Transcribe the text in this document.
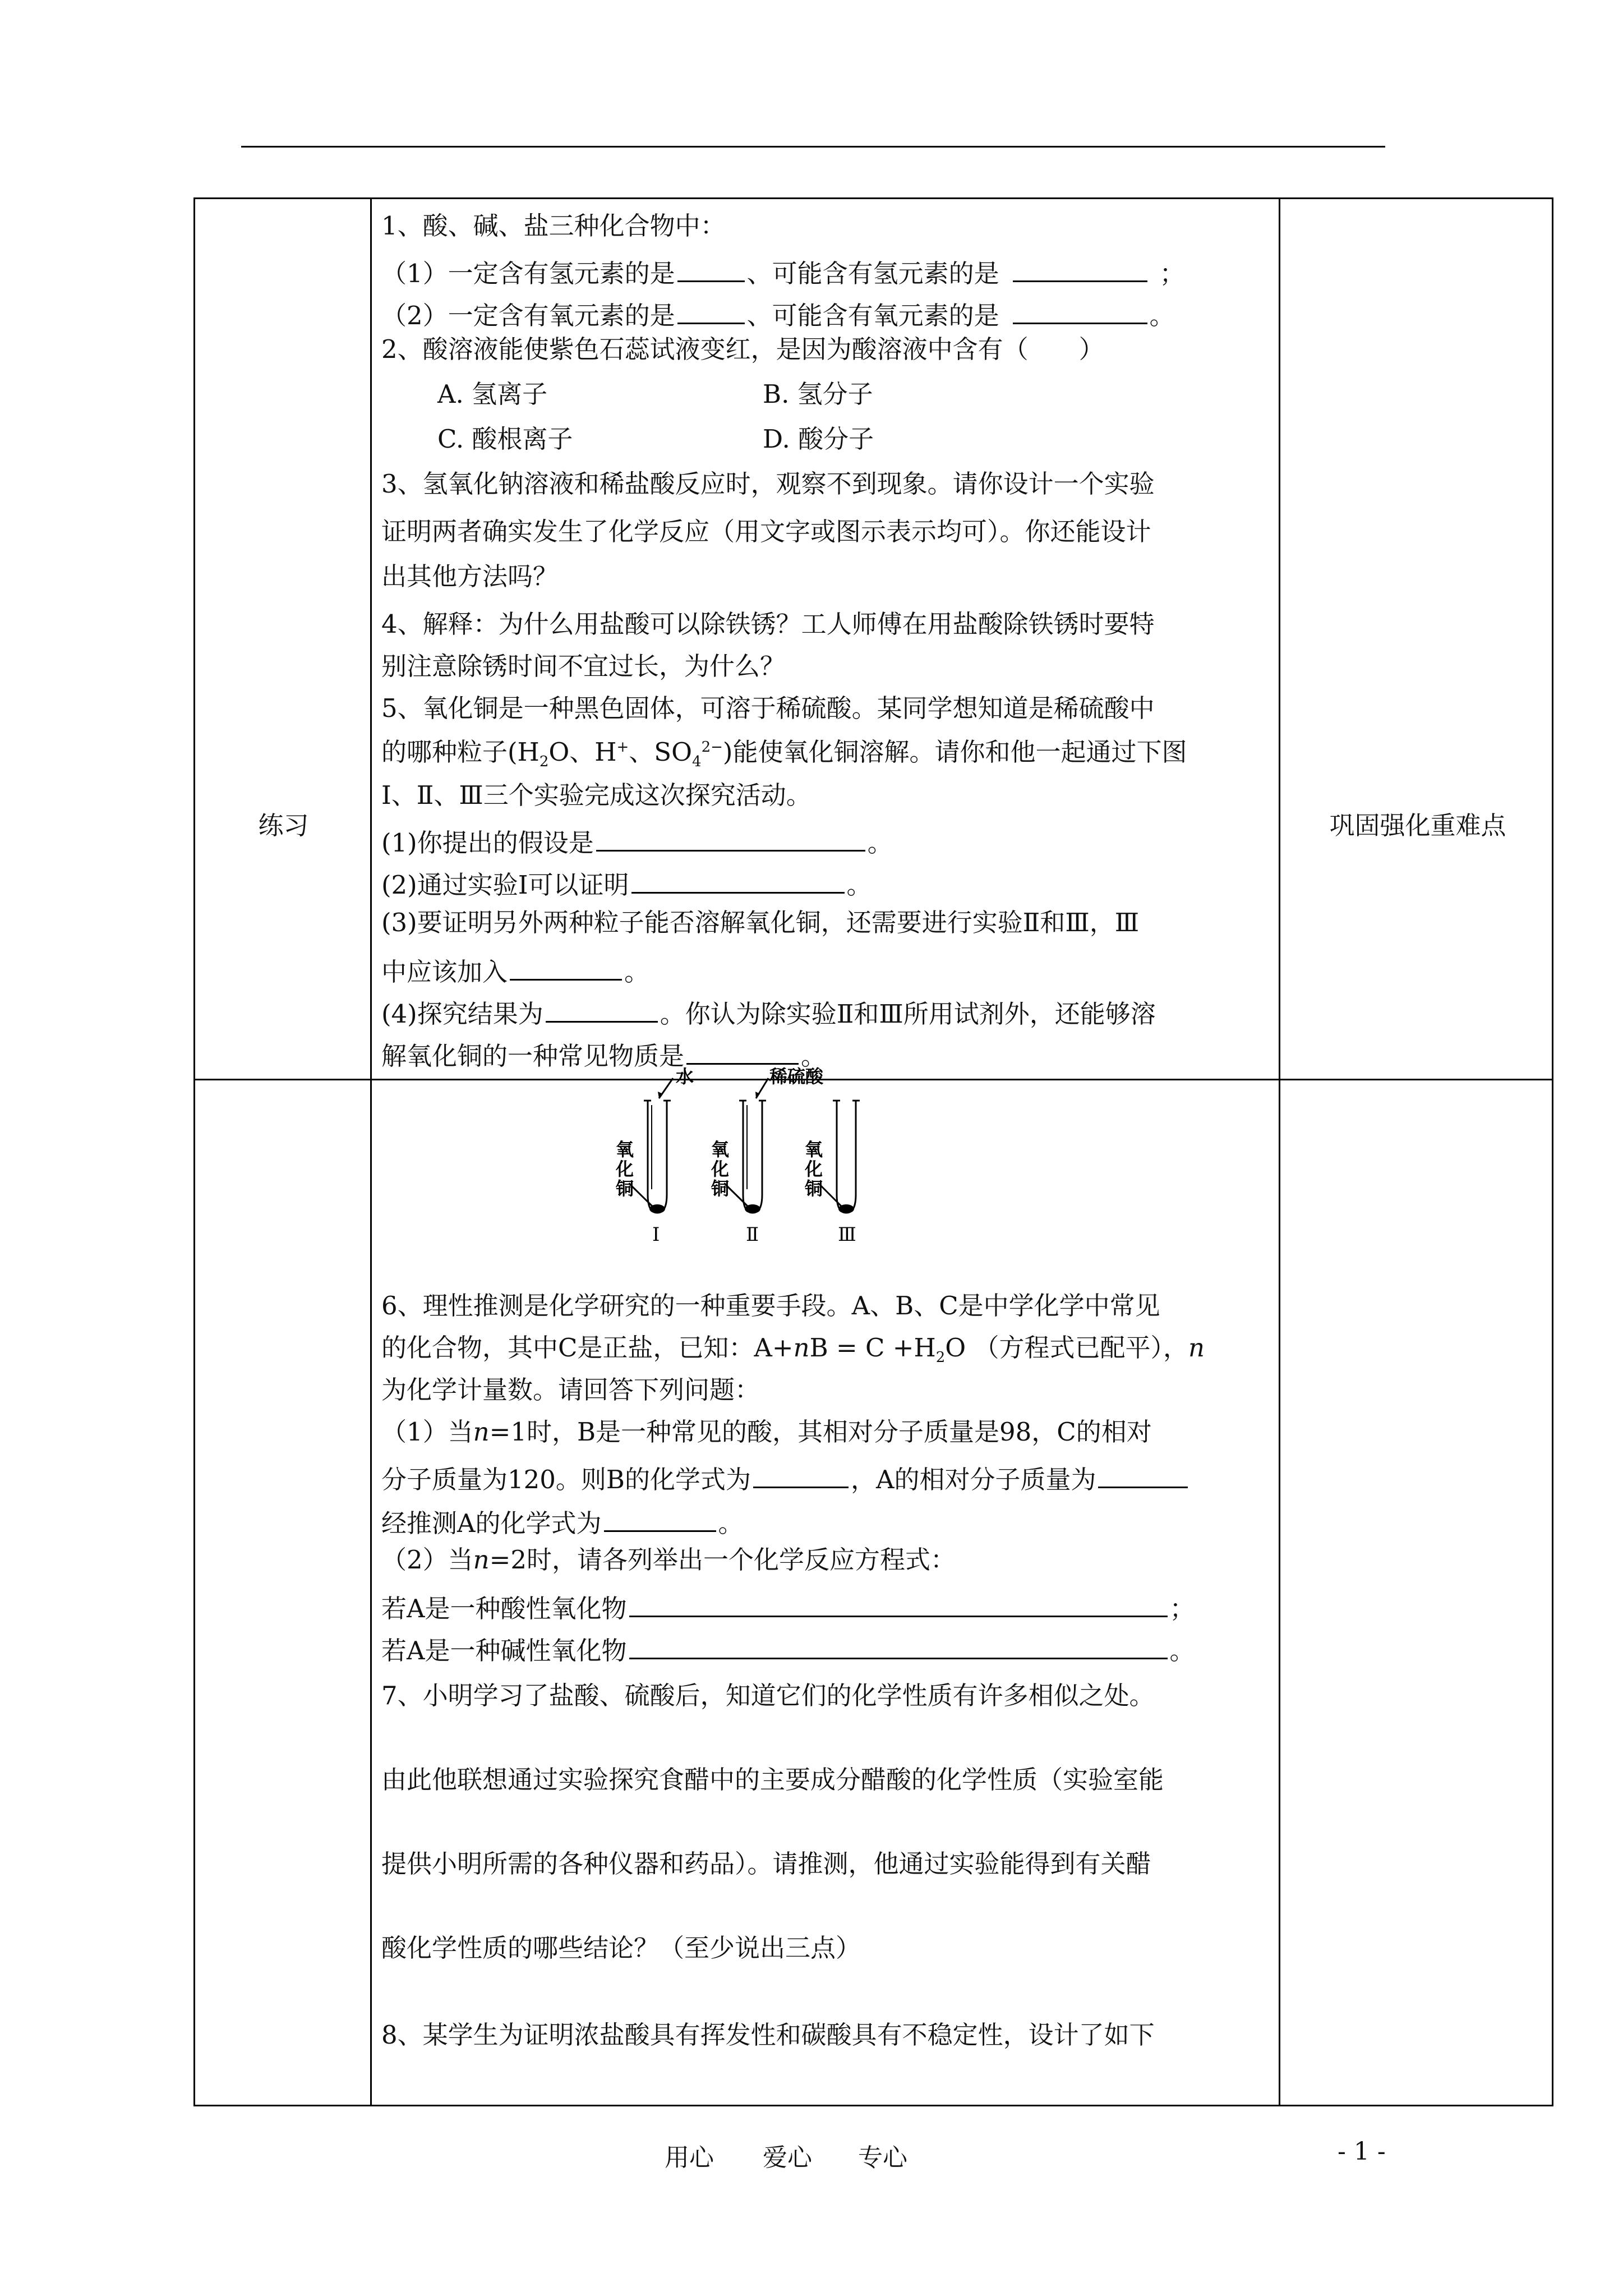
练习	巩固强化重难点
1、酸、碱、盐三种化合物中：
（1）一定含有氢元素的是	、可能含有氢元素的是	；
（2）一定含有氧元素的是	、可能含有氧元素的是	。
2、酸溶液能使紫色石蕊试液变红，是因为酸溶液中含有（　　）
A. 氢离子	B. 氢分子
C. 酸根离子	D. 酸分子
3、氢氧化钠溶液和稀盐酸反应时，观察不到现象。请你设计一个实验
证明两者确实发生了化学反应（用文字或图示表示均可）。你还能设计
出其他方法吗？
4、解释：为什么用盐酸可以除铁锈？工人师傅在用盐酸除铁锈时要特
别注意除锈时间不宜过长，为什么？
5、氧化铜是一种黑色固体，可溶于稀硫酸。某同学想知道是稀硫酸中
的哪种粒子($H_2O$、H+、$SO_4^{2-}$)能使氧化铜溶解。请你和他一起通过下图
Ⅰ、Ⅱ、Ⅲ三个实验完成这次探究活动。
(1)你提出的假设是	。
(2)通过实验Ⅰ可以证明	。
(3)要证明另外两种粒子能否溶解氧化铜，还需要进行实验Ⅱ和Ⅲ，Ⅲ
中应该加入	。
(4)探究结果为	。你认为除实验Ⅱ和Ⅲ所用试剂外，还能够溶
解氧化铜的一种常见物质是	。
6、理性推测是化学研究的一种重要手段。A、B、C是中学化学中常见
的化合物，其中C是正盐，已知：$A+nB = C +H_2O$ （方程式已配平），n
为化学计量数。请回答下列问题：
（1）当n=1时，B是一种常见的酸，其相对分子质量是98，C的相对
分子质量为120。则B的化学式为	，A的相对分子质量为
经推测A的化学式为	。
（2）当n=2时，请各列举出一个化学反应方程式：
若A是一种酸性氧化物	；
若A是一种碱性氧化物	。
7、小明学习了盐酸、硫酸后，知道它们的化学性质有许多相似之处。
由此他联想通过实验探究食醋中的主要成分醋酸的化学性质（实验室能
提供小明所需的各种仪器和药品）。请推测，他通过实验能得到有关醋
酸化学性质的哪些结论？（至少说出三点）
8、某学生为证明浓盐酸具有挥发性和碳酸具有不稳定性，设计了如下
水	稀硫酸
氧
化
铜
氧
化
铜
氧
化
铜
Ⅰ	Ⅱ	Ⅲ
用心 爱心 专心	- 1 -
